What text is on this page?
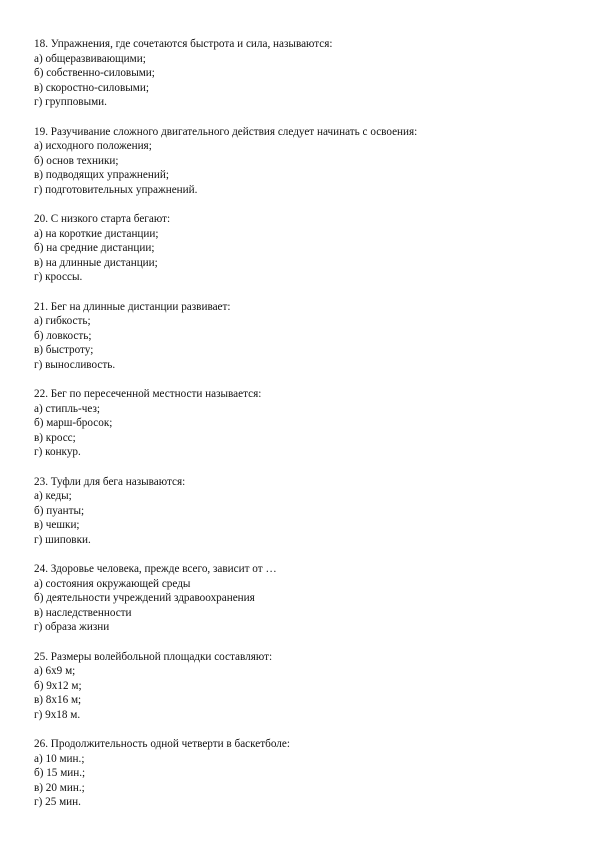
18. Упражнения, где сочетаются быстрота и сила, называются:

а) общеразвивающими;

б) собственно-силовыми;

в) скоростно-силовыми;

г) групповыми.

19. Разучивание сложного двигательного действия следует начинать с освоения:

а) исходного положения;

б) основ техники;

в) подводящих упражнений;

г) подготовительных упражнений.

20. С низкого старта бегают:

а) на короткие дистанции;

б) на средние дистанции;

в) на длинные дистанции;

г) кроссы.

21. Бег на длинные дистанции развивает:

а) гибкость;

б) ловкость;

в) быстроту;

г) выносливость.

22. Бег по пересеченной местности называется:

а) стипль-чез;

б) марш-бросок;

в) кросс;

г) конкур.

23. Туфли для бега называются:

а) кеды;

б) пуанты;

в) чешки;

г) шиповки.

24. Здоровье человека, прежде всего, зависит от …

а) состояния окружающей среды

б) деятельности учреждений здравоохранения

в) наследственности

г) образа жизни

25. Размеры волейбольной площадки составляют:

а) 6х9 м;

б) 9х12 м;

в) 8х16 м;

г) 9х18 м.

26. Продолжительность одной четверти в баскетболе:

а) 10 мин.;

б) 15 мин.;

в) 20 мин.;

г) 25 мин.
